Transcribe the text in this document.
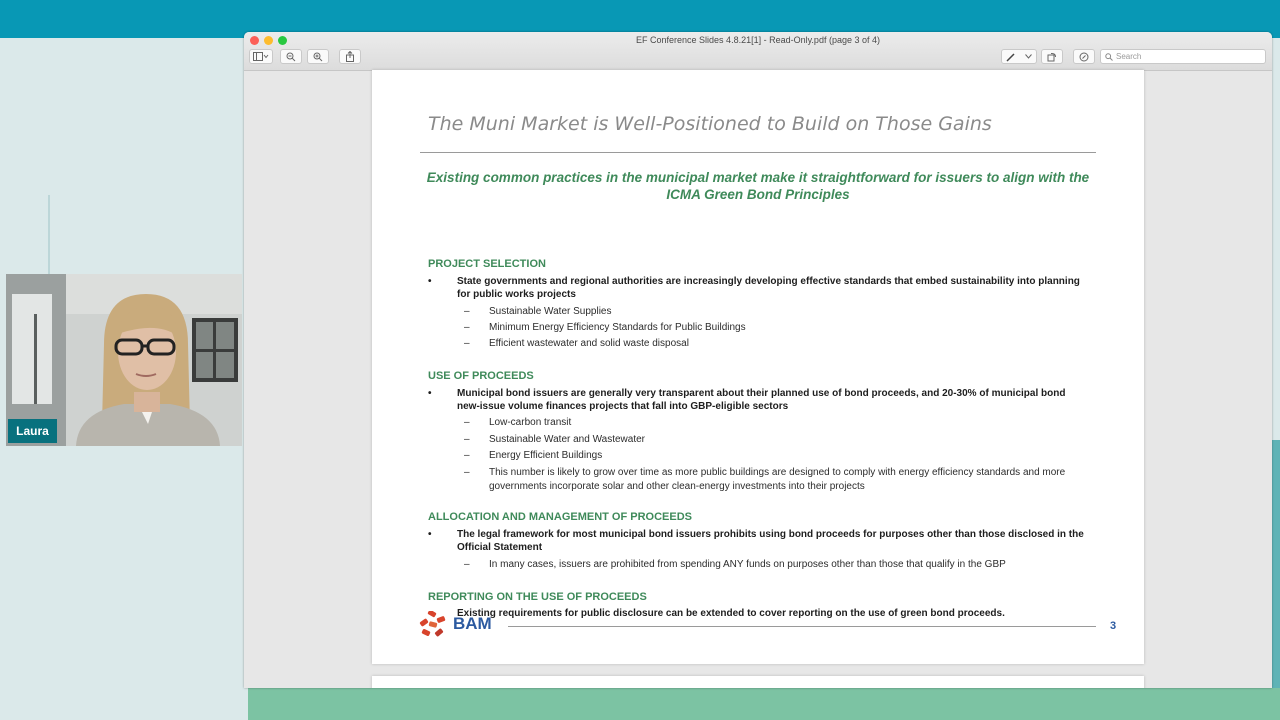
EF Conference Slides 4.8.21[1] - Read-Only.pdf (page 3 of 4)
Search
The Muni Market is Well-Positioned to Build on Those Gains
Existing common practices in the municipal market make it straightforward for issuers to align with the ICMA Green Bond Principles
PROJECT SELECTION
•	State governments and regional authorities are increasingly developing effective standards that embed sustainability into planning for public works projects
– Sustainable Water Supplies
– Minimum Energy Efficiency Standards for Public Buildings
– Efficient wastewater and solid waste disposal
USE OF PROCEEDS
•	Municipal bond issuers are generally very transparent about their planned use of bond proceeds, and 20-30% of municipal bond new-issue volume finances projects that fall into GBP-eligible sectors
– Low-carbon transit
– Sustainable Water and Wastewater
– Energy Efficient Buildings
– This number is likely to grow over time as more public buildings are designed to comply with energy efficiency standards and more governments incorporate solar and other clean-energy investments into their projects
ALLOCATION AND MANAGEMENT OF PROCEEDS
•	The legal framework for most municipal bond issuers prohibits using bond proceeds for purposes other than those disclosed in the Official Statement
– In many cases, issuers are prohibited from spending ANY funds on purposes other than those that qualify in the GBP
REPORTING ON THE USE OF PROCEEDS
Existing requirements for public disclosure can be extended to cover reporting on the use of green bond proceeds.
BAM	3
Laura
